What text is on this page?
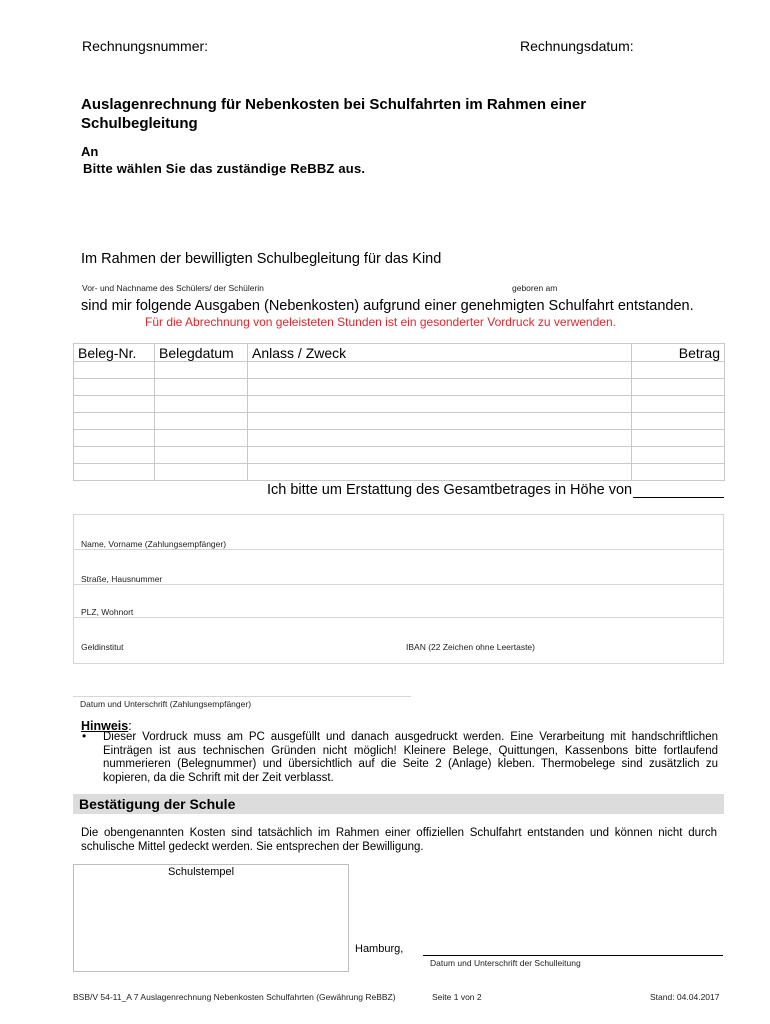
Rechnungsnummer:	Rechnungsdatum:
Auslagenrechnung für Nebenkosten bei Schulfahrten im Rahmen einer
Schulbegleitung
An
Bitte wählen Sie das zuständige ReBBZ aus.
Im Rahmen der bewilligten Schulbegleitung für das Kind
Vor- und Nachname des Schülers/ der Schülerin	geboren am
sind mir folgende Ausgaben (Nebenkosten) aufgrund einer genehmigten Schulfahrt entstanden.
Für die Abrechnung von geleisteten Stunden ist ein gesonderter Vordruck zu verwenden.
Beleg-Nr.	Belegdatum	Anlass / Zweck	Betrag

Ich bitte um Erstattung des Gesamtbetrages in Höhe von
Name, Vorname (Zahlungsempfänger)
Straße, Hausnummer
PLZ, Wohnort
Geldinstitut	IBAN (22 Zeichen ohne Leertaste)
Datum und Unterschrift (Zahlungsempfänger)
Hinweis:
• Dieser Vordruck muss am PC ausgefüllt und danach ausgedruckt werden. Eine Verarbeitung mit handschriftlichen Einträgen ist aus technischen Gründen nicht möglich! Kleinere Belege, Quittungen, Kassenbons bitte fortlaufend nummerieren (Belegnummer) und übersichtlich auf die Seite 2 (Anlage) kleben. Thermobelege sind zusätzlich zu kopieren, da die Schrift mit der Zeit verblasst.
Bestätigung der Schule
Die obengenannten Kosten sind tatsächlich im Rahmen einer offiziellen Schulfahrt entstanden und können nicht durch schulische Mittel gedeckt werden. Sie entsprechen der Bewilligung.
Schulstempel
Hamburg,
Datum und Unterschrift der Schulleitung
BSB/V 54-11_A 7 Auslagenrechnung Nebenkosten Schulfahrten (Gewährung ReBBZ)	Seite 1 von 2	Stand: 04.04.2017
